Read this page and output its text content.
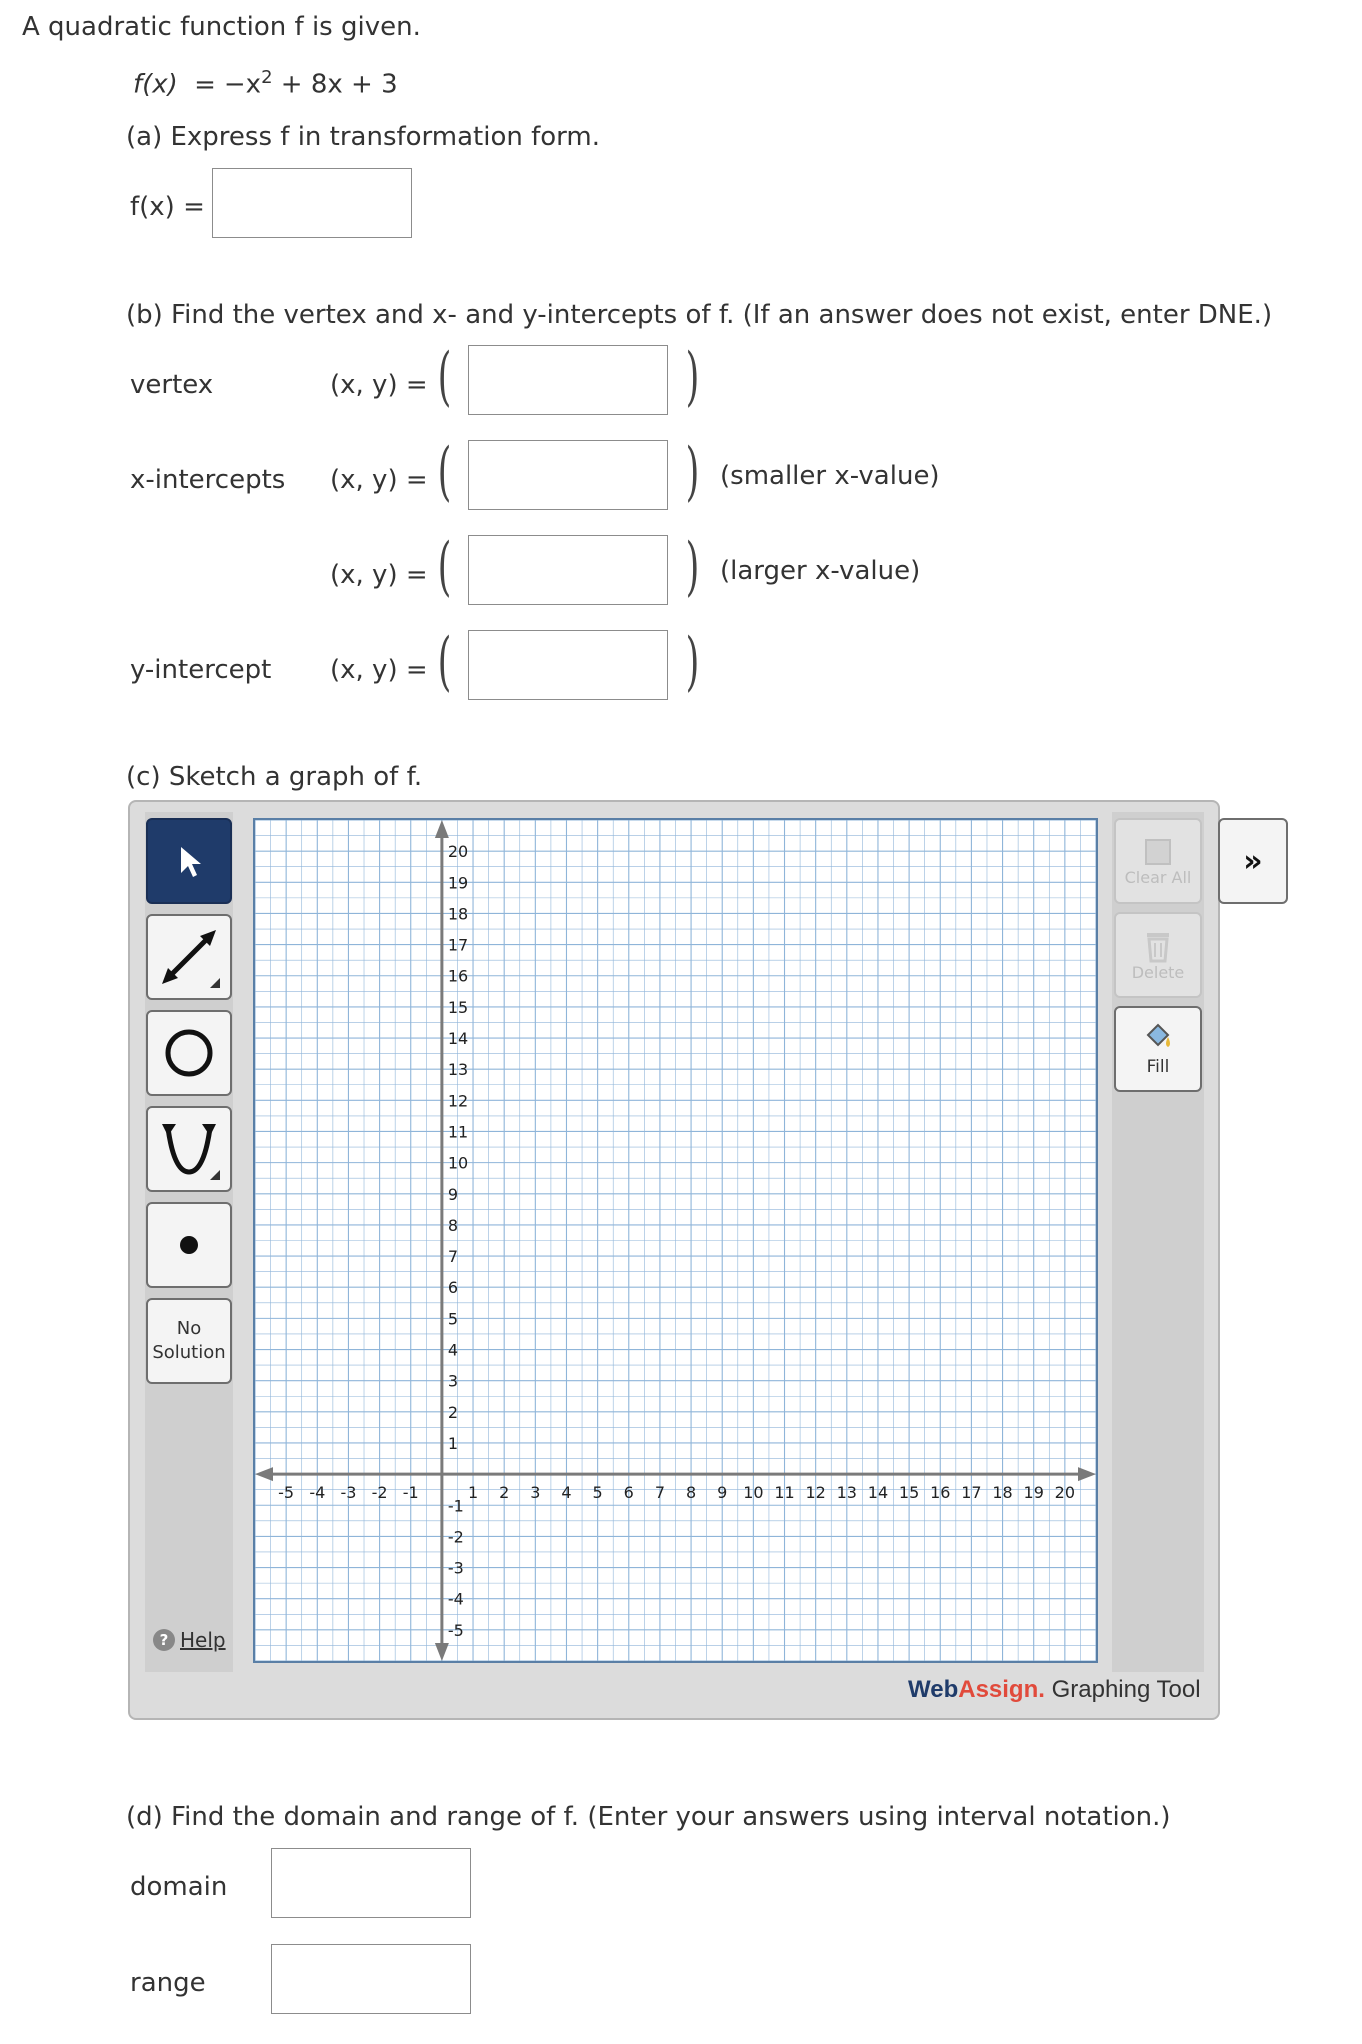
A quadratic function f is given.
$f(x) = -x^2 + 8x + 3$
(a) Express f in transformation form.
f(x) =
(b) Find the vertex and x- and y-intercepts of f. (If an answer does not exist, enter DNE.)
vertex	(x, y) = (	)
x-intercepts (x, y) = (	) (smaller x-value)
(x, y) = (	) (larger x-value)
y-intercept (x, y) = (	)
(c) Sketch a graph of f.
No
Solution
? Help
Clear All
Delete
Fill
»
-5 -4 -3 -2 -1	1 2 3 4 5 6 7 8 9 10 11 12 13 14 15 16 17 18 19 20
20
19
18
17
16
15
14
13
12
11
10
9
8
7
6
5
4
3
2
1
-1
-2
-3
-4
-5
WebAssign. Graphing Tool
(d) Find the domain and range of f. (Enter your answers using interval notation.)
domain
range
